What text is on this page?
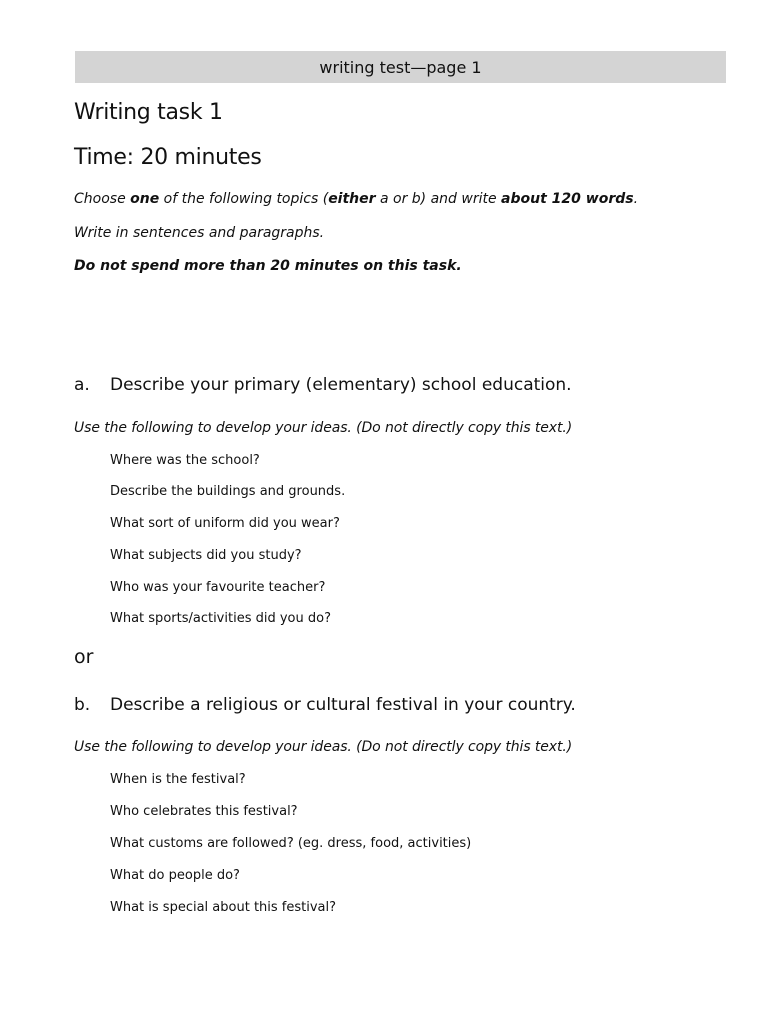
writing test—page 1
Writing task 1
Time: 20 minutes
Choose one of the following topics (either a or b) and write about 120 words.
Write in sentences and paragraphs.
Do not spend more than 20 minutes on this task.
a. Describe your primary (elementary) school education.
Use the following to develop your ideas. (Do not directly copy this text.)
Where was the school?
Describe the buildings and grounds.
What sort of uniform did you wear?
What subjects did you study?
Who was your favourite teacher?
What sports/activities did you do?
or
b. Describe a religious or cultural festival in your country.
Use the following to develop your ideas. (Do not directly copy this text.)
When is the festival?
Who celebrates this festival?
What customs are followed? (eg. dress, food, activities)
What do people do?
What is special about this festival?
